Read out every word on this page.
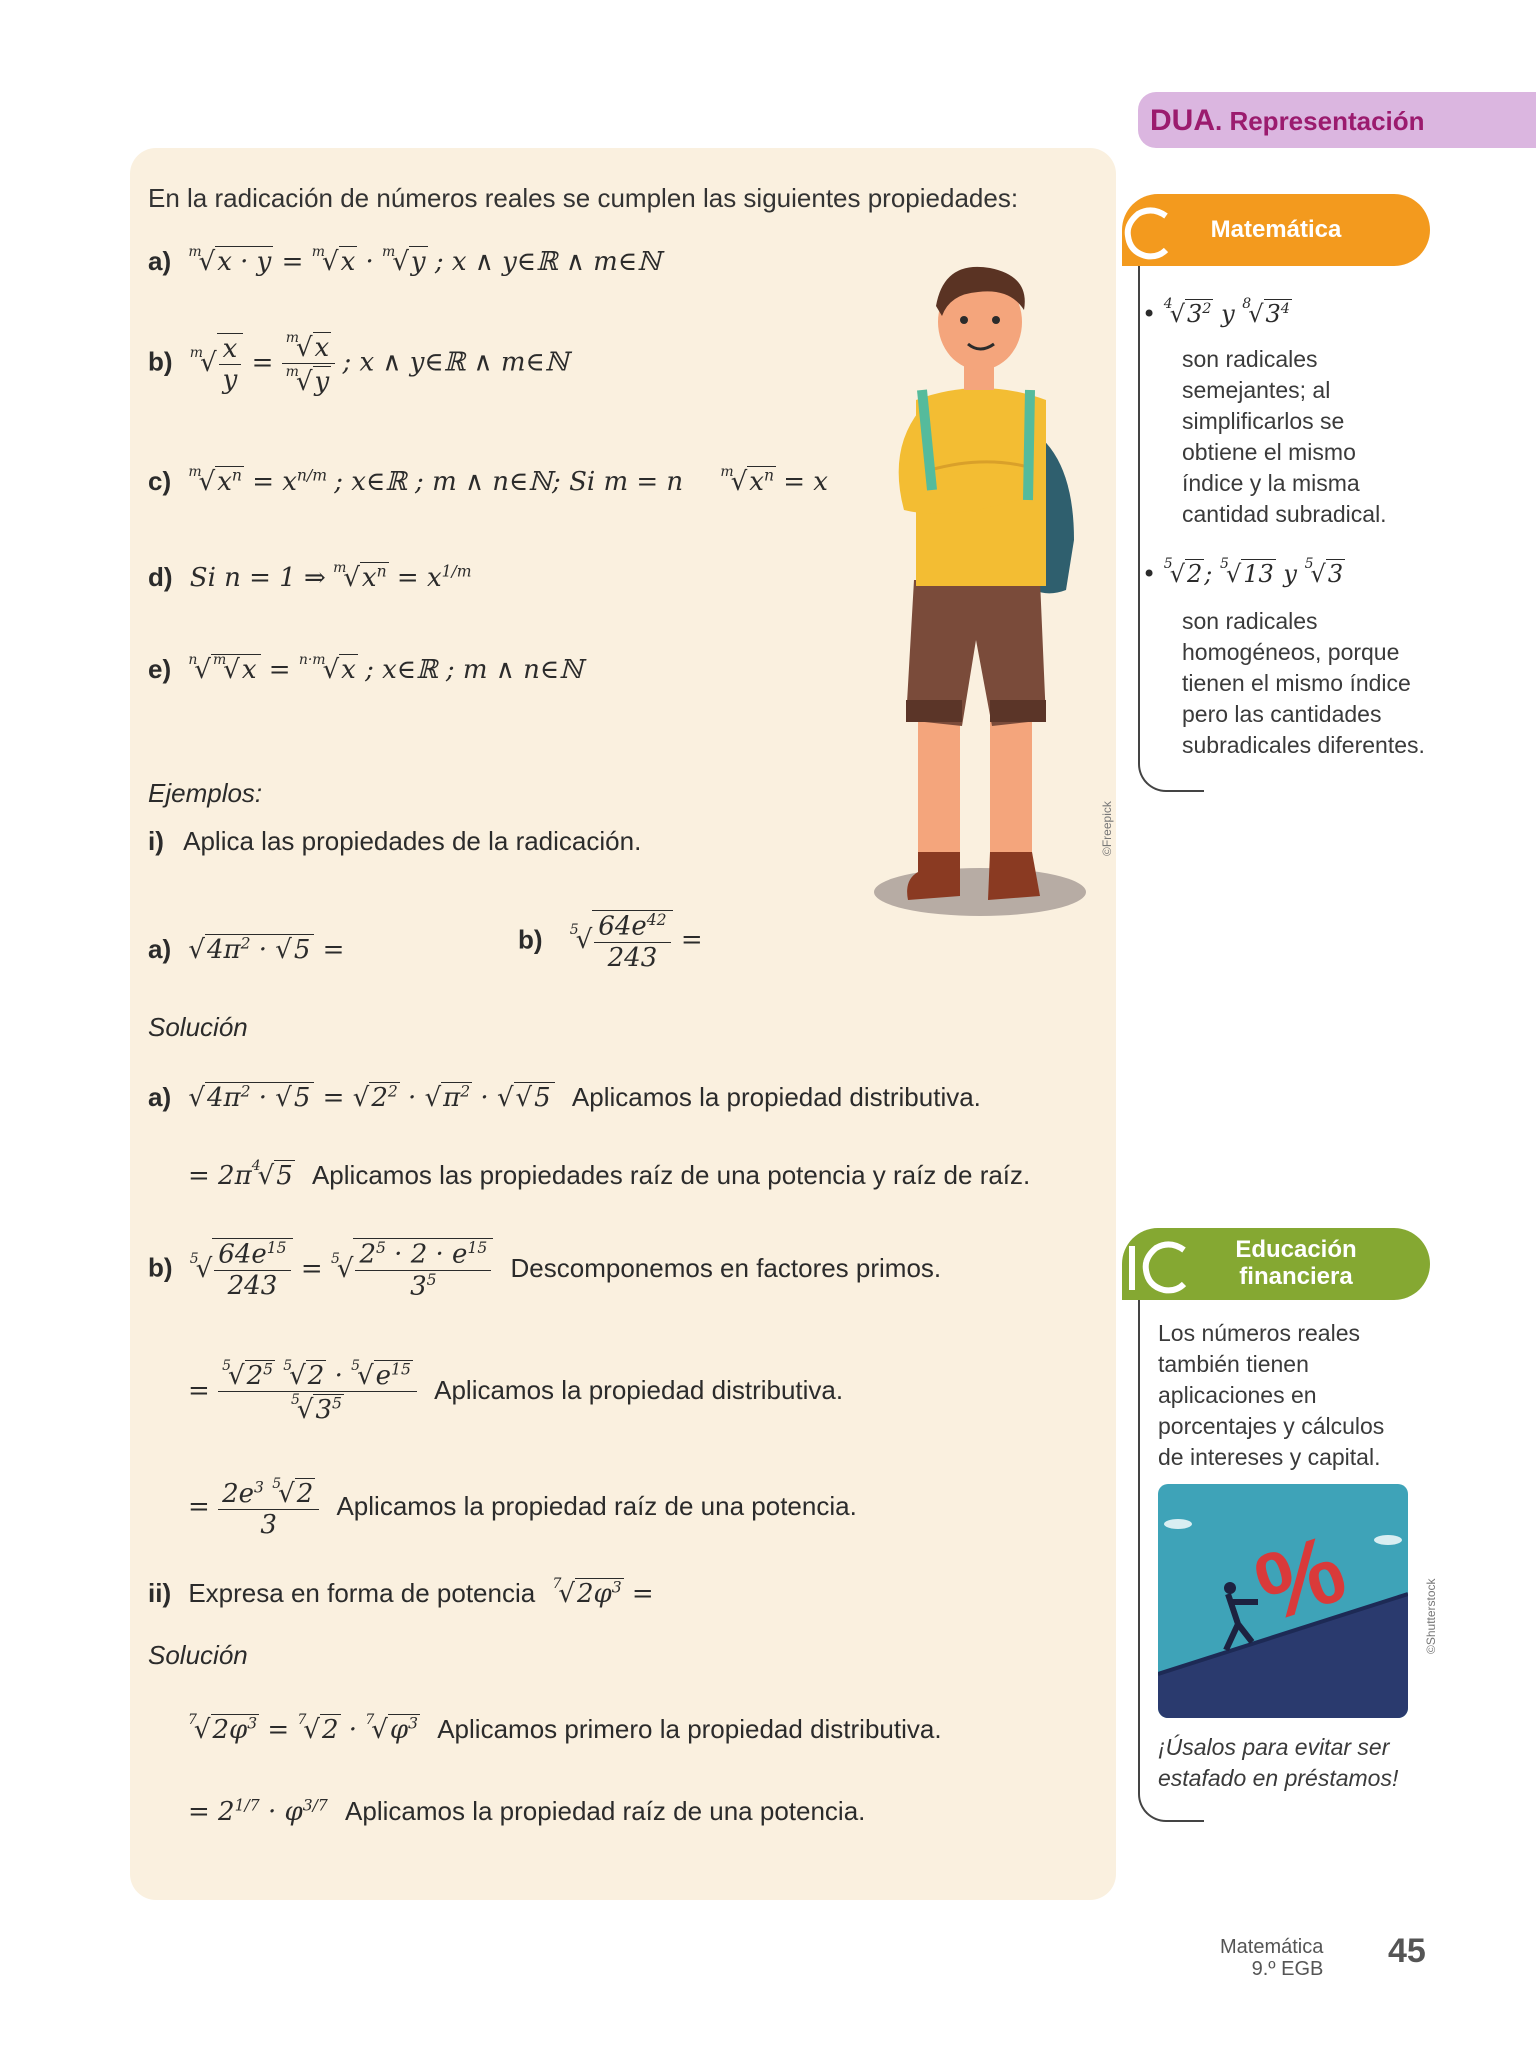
DUA. Representación
En la radicación de números reales se cumplen las siguientes propiedades:
a) $^m$√x · y = $^m$√x · $^m$√y ; x ∧ y∈ℝ ∧ m∈ℕ
b) $^m√ \frac{x}{y} = \frac{^m√x}{^m√y}$ ; x ∧ y∈ℝ ∧ m∈ℕ
c) $^m√x^n = x^{n/m}$ ; x∈ℝ ; m ∧ n∈ℕ; Si m = n	$^m√x^n = x$
d) Si n = 1 ⇒ $^m√x^n = x^{1/m}$
e) $^n$√ $^m$√x = $^{n\cdot m}$√x ; x∈ℝ ; m ∧ n∈ℕ
Ejemplos:
i) Aplica las propiedades de la radicación.
a) $√4\pi^2 \cdot √5$ =	b) $^5√ \frac{64e^{42}}{243}$ =
Solución
a) $√4\pi^2 \cdot √5 = √2^2 \cdot √\pi^2 \cdot √√5$ Aplicamos la propiedad distributiva.
= $2\pi^4√5$ Aplicamos las propiedades raíz de una potencia y raíz de raíz.
b) $^5√ \frac{64e^{15}}{243} = ^5√ \frac{2^5 \cdot 2 \cdot e^{15}}{3^5}$ Descomponemos en factores primos.
= $\frac{^5√2^5 ^5√2 \cdot ^5√e^{15}}{^5√3^5}$ Aplicamos la propiedad distributiva.
= $\frac{2e^3 ^5√2}{3}$ Aplicamos la propiedad raíz de una potencia.
ii) Expresa en forma de potencia $^7√2\varphi^3$ =
Solución
$^7√2\varphi^3 = ^7√2 \cdot ^7√\varphi^3$ Aplicamos primero la propiedad distributiva.
= $2^{1/7} \cdot \varphi^{3/7}$ Aplicamos la propiedad raíz de una potencia.
©Freepick
Matemática
• $^4√3^2$ y $^8√3^4$
son radicales semejantes; al simplificarlos se obtiene el mismo índice y la misma cantidad subradical.
• $^5$√2; $^5$√13 y $^5$√3
son radicales homogéneos, porque tienen el mismo índice pero las cantidades subradicales diferentes.
Educación
financiera
Los números reales también tienen aplicaciones en porcentajes y cálculos de intereses y capital.
%	©Shutterstock
¡Úsalos para evitar ser estafado en préstamos!
Matemática
9.º EGB 45
